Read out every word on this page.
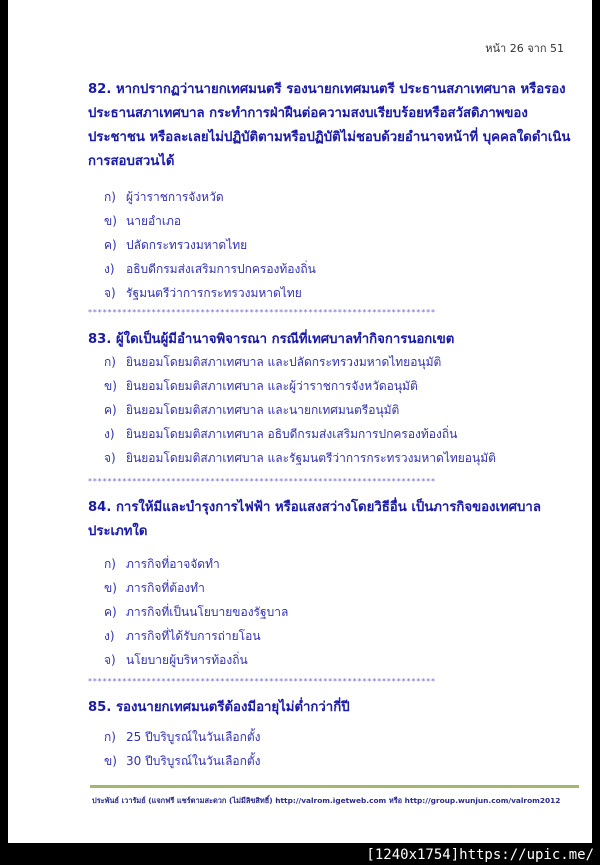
หน้า 26 จาก 51
82. หากปรากฏว่านายกเทศมนตรี รองนายกเทศมนตรี ประธานสภาเทศบาล หรือรองประธานสภาเทศบาล กระทำการฝ่าฝืนต่อความสงบเรียบร้อยหรือสวัสดิภาพของประชาชน หรือละเลยไม่ปฏิบัติตามหรือปฏิบัติไม่ชอบด้วยอำนาจหน้าที่ บุคคลใดดำเนินการสอบสวนได้
ก) ผู้ว่าราชการจังหวัด
ข) นายอำเภอ
ค) ปลัดกระทรวงมหาดไทย
ง) อธิบดีกรมส่งเสริมการปกครองท้องถิ่น
จ) รัฐมนตรีว่าการกระทรวงมหาดไทย
***********************************************************************
83. ผู้ใดเป็นผู้มีอำนาจพิจารณา กรณีที่เทศบาลทำกิจการนอกเขต
ก) ยินยอมโดยมติสภาเทศบาล และปลัดกระทรวงมหาดไทยอนุมัติ
ข) ยินยอมโดยมติสภาเทศบาล และผู้ว่าราชการจังหวัดอนุมัติ
ค) ยินยอมโดยมติสภาเทศบาล และนายกเทศมนตรีอนุมัติ
ง) ยินยอมโดยมติสภาเทศบาล อธิบดีกรมส่งเสริมการปกครองท้องถิ่น
จ) ยินยอมโดยมติสภาเทศบาล และรัฐมนตรีว่าการกระทรวงมหาดไทยอนุมัติ
***********************************************************************
84. การให้มีและบำรุงการไฟฟ้า หรือแสงสว่างโดยวิธีอื่น เป็นภารกิจของเทศบาลประเภทใด
ก) ภารกิจที่อาจจัดทำ
ข) ภารกิจที่ต้องทำ
ค) ภารกิจที่เป็นนโยบายของรัฐบาล
ง) ภารกิจที่ได้รับการถ่ายโอน
จ) นโยบายผู้บริหารท้องถิ่น
***********************************************************************
85. รองนายกเทศมนตรีต้องมีอายุไม่ต่ำกว่ากี่ปี
ก) 25 ปีบริบูรณ์ในวันเลือกตั้ง
ข) 30 ปีบริบูรณ์ในวันเลือกตั้ง
ประพันธ์ เวารัมย์ (แจกฟรี แชร์ตามสะดวก (ไม่มีลิขสิทธิ์) http://valrom.igetweb.com หรือ http://group.wunjun.com/valrom2012
[1240x1754]https://upic.me/
